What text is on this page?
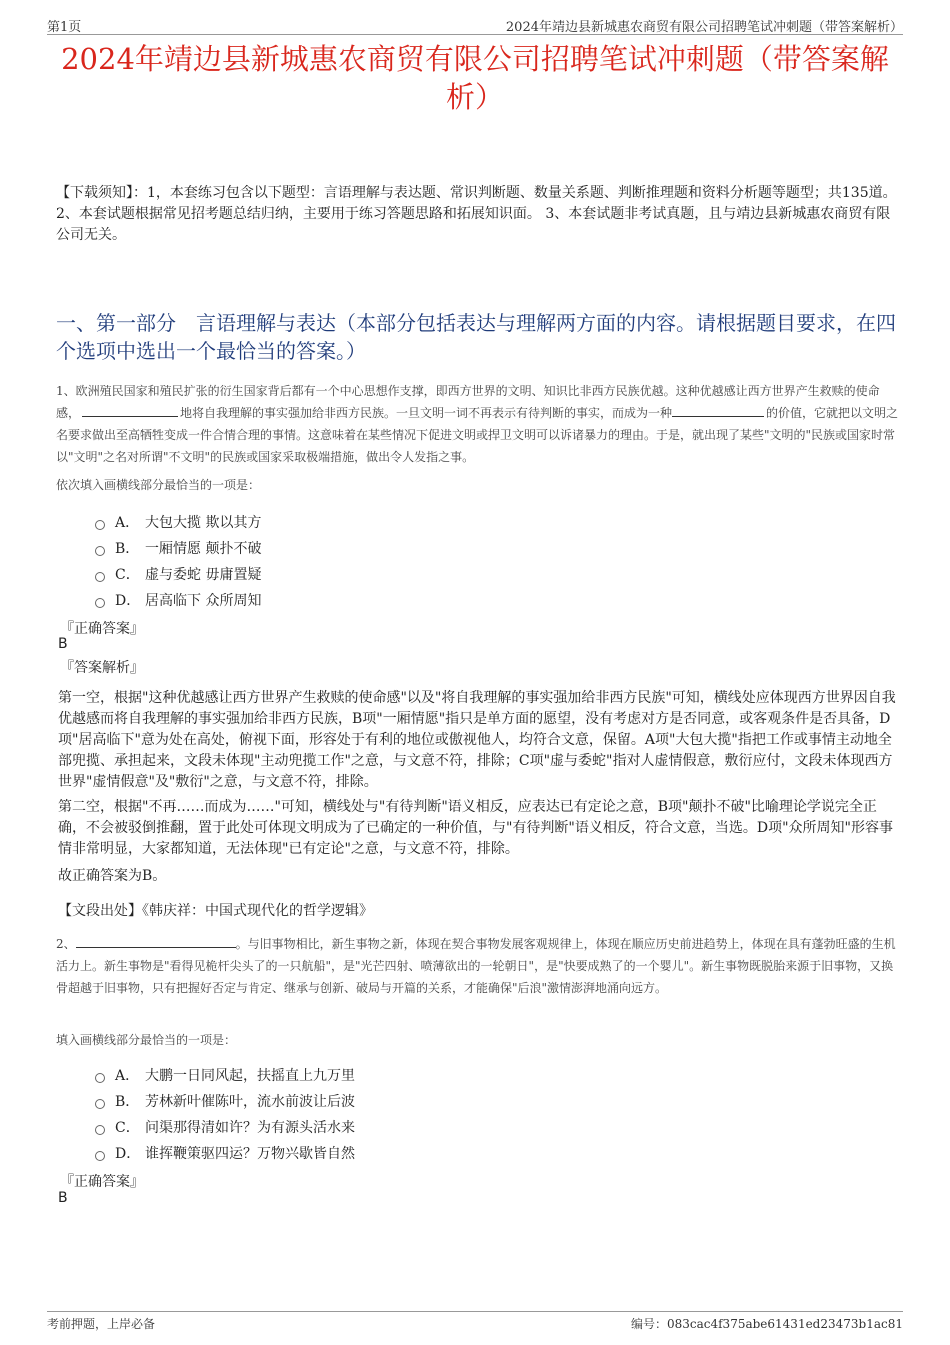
第1页	2024年靖边县新城惠农商贸有限公司招聘笔试冲刺题（带答案解析）
2024年靖边县新城惠农商贸有限公司招聘笔试冲刺题（带答案解析）
【下载须知】：1，本套练习包含以下题型：言语理解与表达题、常识判断题、数量关系题、判断推理题和资料分析题等题型；共135道。 2、本套试题根据常见招考题总结归纳，主要用于练习答题思路和拓展知识面。 3、本套试题非考试真题，且与靖边县新城惠农商贸有限公司无关。
一、第一部分　言语理解与表达（本部分包括表达与理解两方面的内容。请根据题目要求，在四个选项中选出一个最恰当的答案。）
1、欧洲殖民国家和殖民扩张的衍生国家背后都有一个中心思想作支撑，即西方世界的文明、知识比非西方民族优越。这种优越感让西方世界产生救赎的使命感，	地将自我理解的事实强加给非西方民族。一旦文明一词不再表示有待判断的事实，而成为一种	的价值，它就把以文明之名要求做出至高牺牲变成一件合情合理的事情。这意味着在某些情况下促进文明或捍卫文明可以诉诸暴力的理由。于是，就出现了某些"文明的"民族或国家时常以"文明"之名对所谓"不文明"的民族或国家采取极端措施，做出令人发指之事。
依次填入画横线部分最恰当的一项是：
A． 大包大揽 欺以其方
B． 一厢情愿 颠扑不破
C． 虚与委蛇 毋庸置疑
D． 居高临下 众所周知
『正确答案』
B
『答案解析』
第一空，根据"这种优越感让西方世界产生救赎的使命感"以及"将自我理解的事实强加给非西方民族"可知，横线处应体现西方世界因自我优越感而将自我理解的事实强加给非西方民族，B项"一厢情愿"指只是单方面的愿望，没有考虑对方是否同意，或客观条件是否具备，D项"居高临下"意为处在高处，俯视下面，形容处于有利的地位或傲视他人，均符合文意，保留。A项"大包大揽"指把工作或事情主动地全部兜揽、承担起来，文段未体现"主动兜揽工作"之意，与文意不符，排除；C项"虚与委蛇"指对人虚情假意，敷衍应付，文段未体现西方世界"虚情假意"及"敷衍"之意，与文意不符，排除。
第二空，根据"不再……而成为……"可知，横线处与"有待判断"语义相反，应表达已有定论之意，B项"颠扑不破"比喻理论学说完全正确，不会被驳倒推翻，置于此处可体现文明成为了已确定的一种价值，与"有待判断"语义相反，符合文意，当选。D项"众所周知"形容事情非常明显，大家都知道，无法体现"已有定论"之意，与文意不符，排除。
故正确答案为B。
【文段出处】《韩庆祥：中国式现代化的哲学逻辑》
2、	。与旧事物相比，新生事物之新，体现在契合事物发展客观规律上，体现在顺应历史前进趋势上，体现在具有蓬勃旺盛的生机活力上。新生事物是"看得见桅杆尖头了的一只航船"，是"光芒四射、喷薄欲出的一轮朝日"，是"快要成熟了的一个婴儿"。新生事物既脱胎来源于旧事物，又换骨超越于旧事物，只有把握好否定与肯定、继承与创新、破局与开篇的关系，才能确保"后浪"激情澎湃地涌向远方。
填入画横线部分最恰当的一项是：
A． 大鹏一日同风起，扶摇直上九万里
B． 芳林新叶催陈叶，流水前波让后波
C． 问渠那得清如许？为有源头活水来
D． 谁挥鞭策驱四运？万物兴歇皆自然
『正确答案』
B
考前押题，上岸必备	编号：083cac4f375abe61431ed23473b1ac81
